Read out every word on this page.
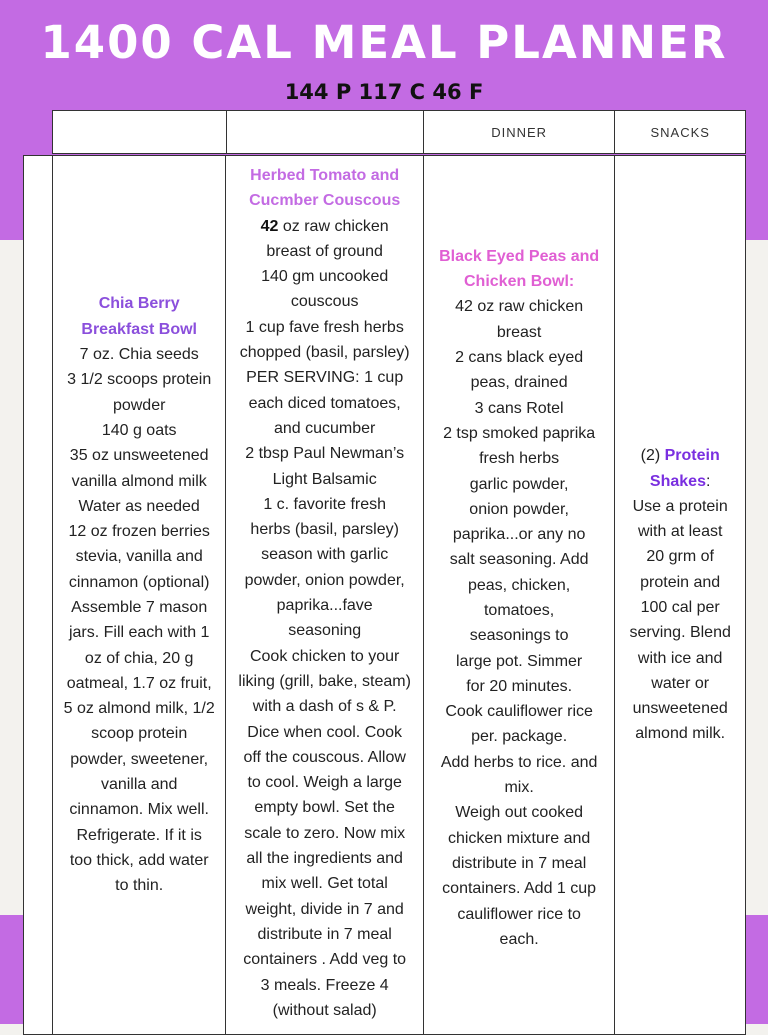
1400 CAL MEAL PLANNER
144 P 117 C 46 F
DINNER	SNACKS
Chia Berry
Breakfast Bowl
7 oz. Chia seeds
3 1/2 scoops protein
powder
140 g oats
35 oz unsweetened
vanilla almond milk
Water as needed
12 oz frozen berries
stevia, vanilla and
cinnamon (optional)
Assemble 7 mason
jars. Fill each with 1
oz of chia, 20 g
oatmeal, 1.7 oz fruit,
5 oz almond milk, 1/2
scoop protein
powder, sweetener,
vanilla and
cinnamon. Mix well.
Refrigerate. If it is
too thick, add water
to thin.
Herbed Tomato and
Cucmber Couscous
42 oz raw chicken
breast of ground
140 gm uncooked
couscous
1 cup fave fresh herbs
chopped (basil, parsley)
PER SERVING: 1 cup
each diced tomatoes,
and cucumber
2 tbsp Paul Newman’s
Light Balsamic
1 c. favorite fresh
herbs (basil, parsley)
season with garlic
powder, onion powder,
paprika...fave
seasoning
Cook chicken to your
liking (grill, bake, steam)
with a dash of s & P.
Dice when cool. Cook
off the couscous. Allow
to cool. Weigh a large
empty bowl. Set the
scale to zero. Now mix
all the ingredients and
mix well. Get total
weight, divide in 7 and
distribute in 7 meal
containers . Add veg to
3 meals. Freeze 4
(without salad)
Black Eyed Peas and
Chicken Bowl:
42 oz raw chicken
breast
2 cans black eyed
peas, drained
3 cans Rotel
2 tsp smoked paprika
fresh herbs
garlic powder,
onion powder,
paprika...or any no
salt seasoning. Add
peas, chicken,
tomatoes,
seasonings to
large pot. Simmer
for 20 minutes.
Cook cauliflower rice
per. package.
Add herbs to rice. and
mix.
Weigh out cooked
chicken mixture and
distribute in 7 meal
containers. Add 1 cup
cauliflower rice to
each.
(2) Protein
Shakes:
Use a protein
with at least
20 grm of
protein and
100 cal per
serving. Blend
with ice and
water or
unsweetened
almond milk.
